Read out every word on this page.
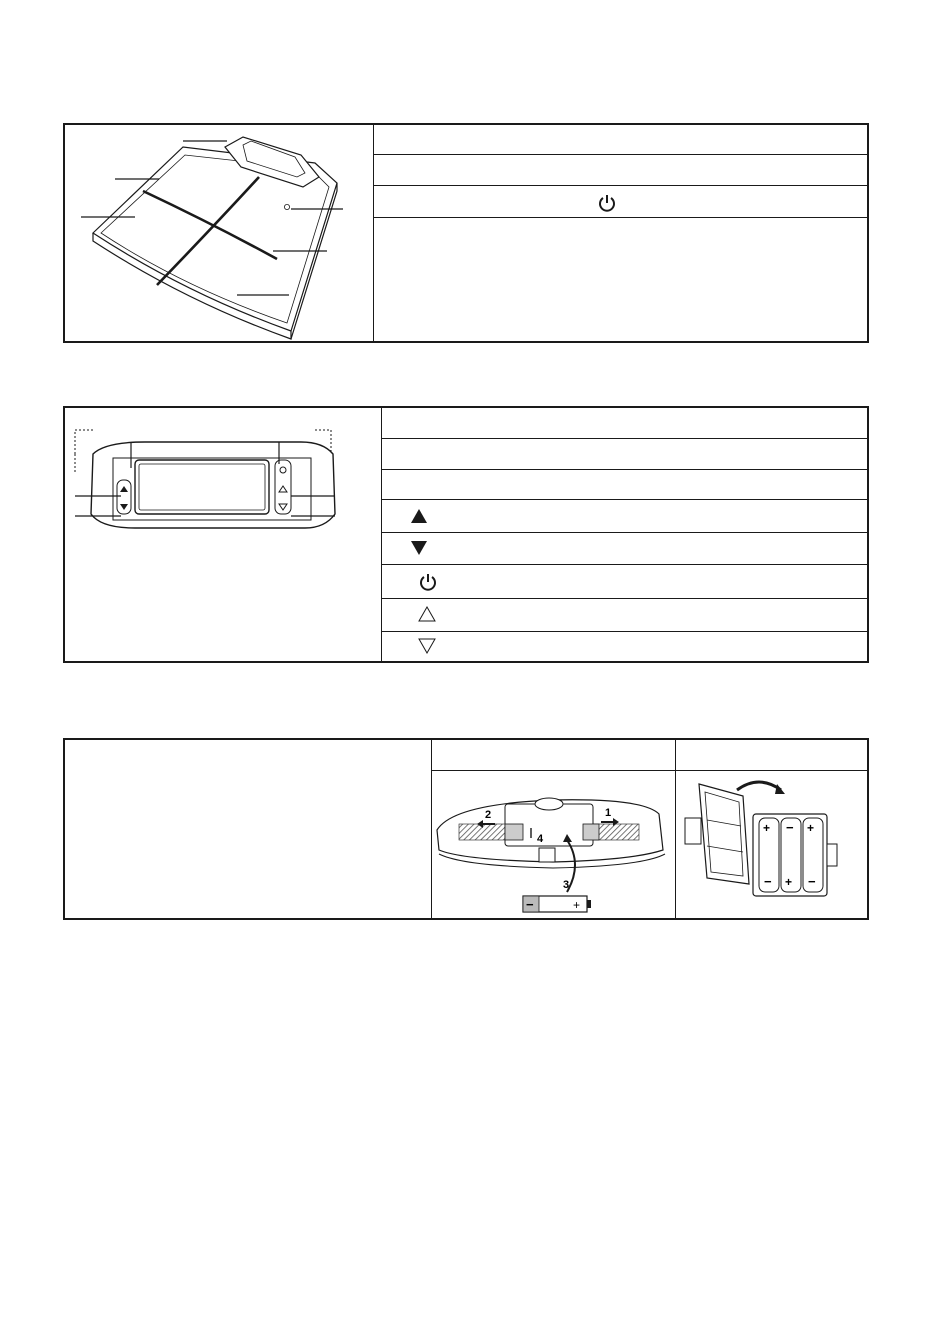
1
2
4
3
−	+
+ − +
− + −
